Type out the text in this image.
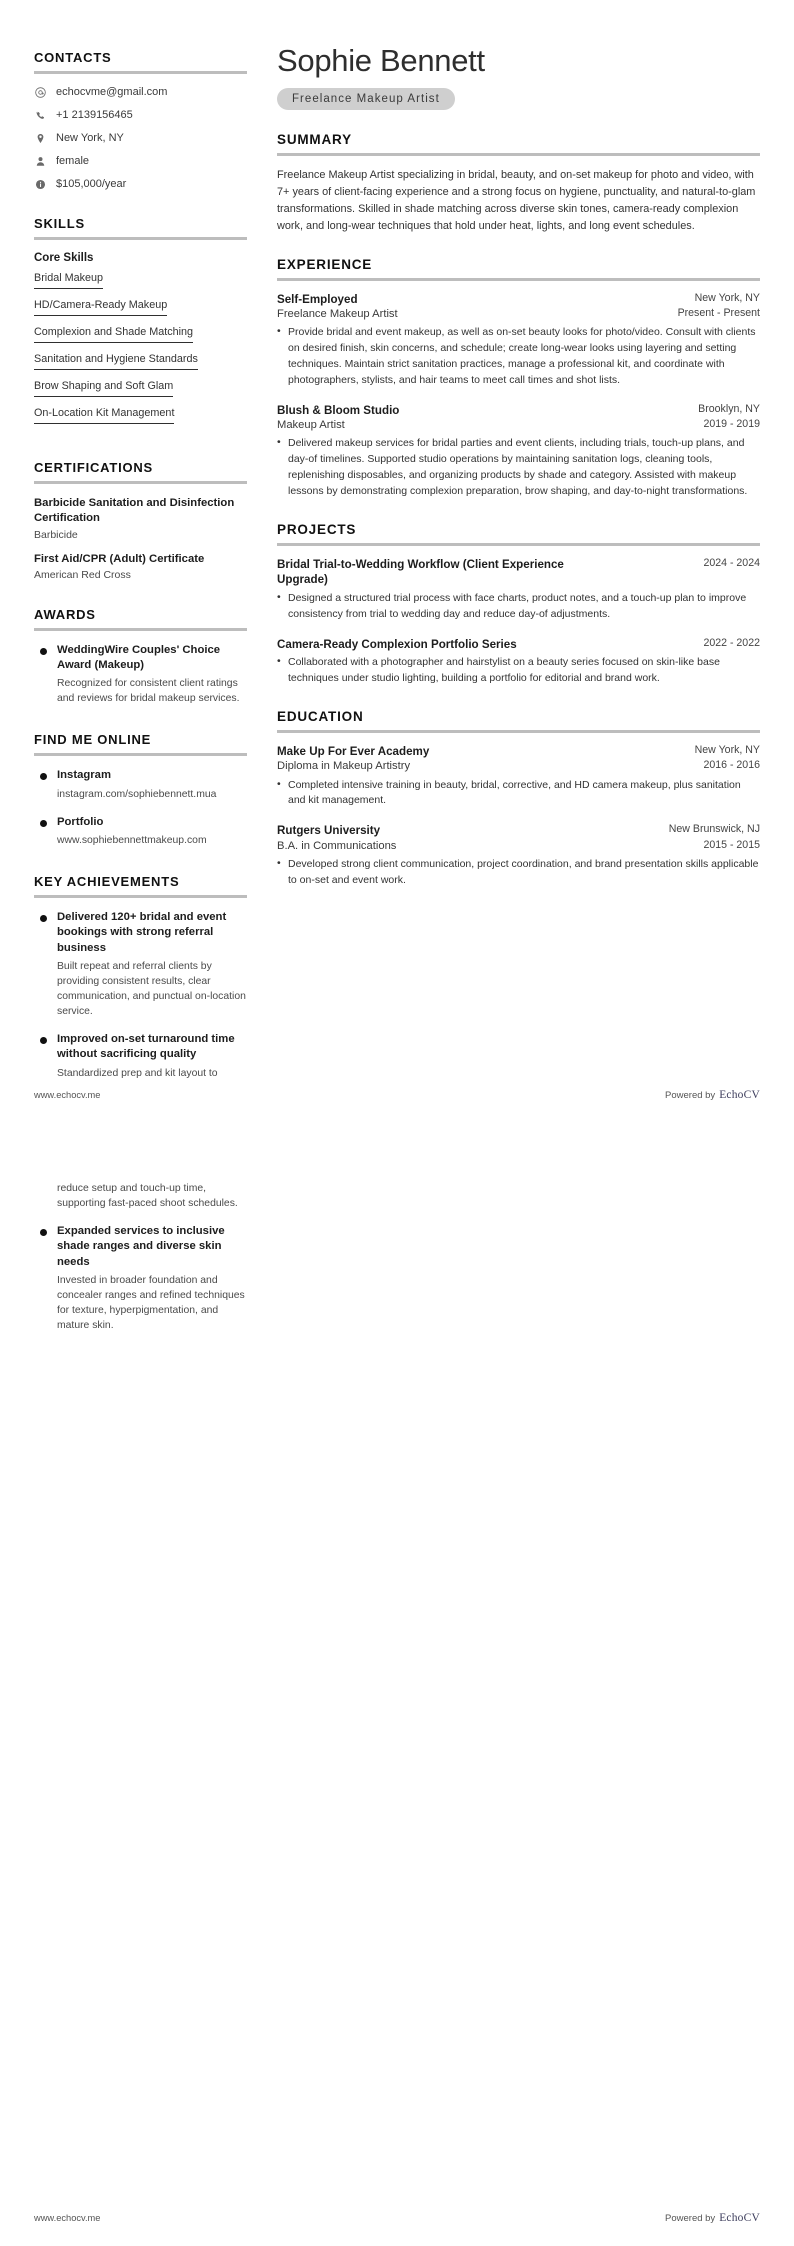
CONTACTS
echocvme@gmail.com
+1 2139156465
New York, NY
female
$105,000/year
SKILLS
Core Skills
Bridal Makeup
HD/Camera-Ready Makeup
Complexion and Shade Matching
Sanitation and Hygiene Standards
Brow Shaping and Soft Glam
On-Location Kit Management
CERTIFICATIONS
Barbicide Sanitation and Disinfection Certification
Barbicide
First Aid/CPR (Adult) Certificate
American Red Cross
AWARDS
WeddingWire Couples' Choice Award (Makeup)
Recognized for consistent client ratings and reviews for bridal makeup services.
FIND ME ONLINE
Instagram
instagram.com/sophiebennett.mua
Portfolio
www.sophiebennettmakeup.com
KEY ACHIEVEMENTS
Delivered 120+ bridal and event bookings with strong referral business
Built repeat and referral clients by providing consistent results, clear communication, and punctual on-location service.
Improved on-set turnaround time without sacrificing quality
Standardized prep and kit layout to
Sophie Bennett
Freelance Makeup Artist
SUMMARY

Freelance Makeup Artist specializing in bridal, beauty, and on-set makeup for photo and video, with 7+ years of client-facing experience and a strong focus on hygiene, punctuality, and natural-to-glam transformations. Skilled in shade matching across diverse skin tones, camera-ready complexion work, and long-wear techniques that hold under heat, lights, and long event schedules.

EXPERIENCE
Self-Employed	New York, NY
Freelance Makeup Artist	Present - Present
• Provide bridal and event makeup, as well as on-set beauty looks for photo/video. Consult with clients on desired finish, skin concerns, and schedule; create long-wear looks using layering and setting techniques. Maintain strict sanitation practices, manage a professional kit, and coordinate with photographers, stylists, and hair teams to meet call times and shot lists.
Blush & Bloom Studio	Brooklyn, NY
Makeup Artist	2019 - 2019
• Delivered makeup services for bridal parties and event clients, including trials, touch-up plans, and day-of timelines. Supported studio operations by maintaining sanitation logs, cleaning tools, replenishing disposables, and organizing products by shade and category. Assisted with makeup lessons by demonstrating complexion preparation, brow shaping, and day-to-night transformations.
PROJECTS
Bridal Trial-to-Wedding Workflow (Client Experience Upgrade)
2024 - 2024
• Designed a structured trial process with face charts, product notes, and a touch-up plan to improve consistency from trial to wedding day and reduce day-of adjustments.
Camera-Ready Complexion Portfolio Series	2022 - 2022
• Collaborated with a photographer and hairstylist on a beauty series focused on skin-like base techniques under studio lighting, building a portfolio for editorial and brand work.
EDUCATION
Make Up For Ever Academy	New York, NY
Diploma in Makeup Artistry	2016 - 2016
• Completed intensive training in beauty, bridal, corrective, and HD camera makeup, plus sanitation and kit management.
Rutgers University	New Brunswick, NJ
B.A. in Communications	2015 - 2015
• Developed strong client communication, project coordination, and brand presentation skills applicable to on-set and event work.
www.echocv.me	Powered by EchoCV
reduce setup and touch-up time, supporting fast-paced shoot schedules.
Expanded services to inclusive shade ranges and diverse skin needs
Invested in broader foundation and concealer ranges and refined techniques for texture, hyperpigmentation, and mature skin.
www.echocv.me	Powered by EchoCV
